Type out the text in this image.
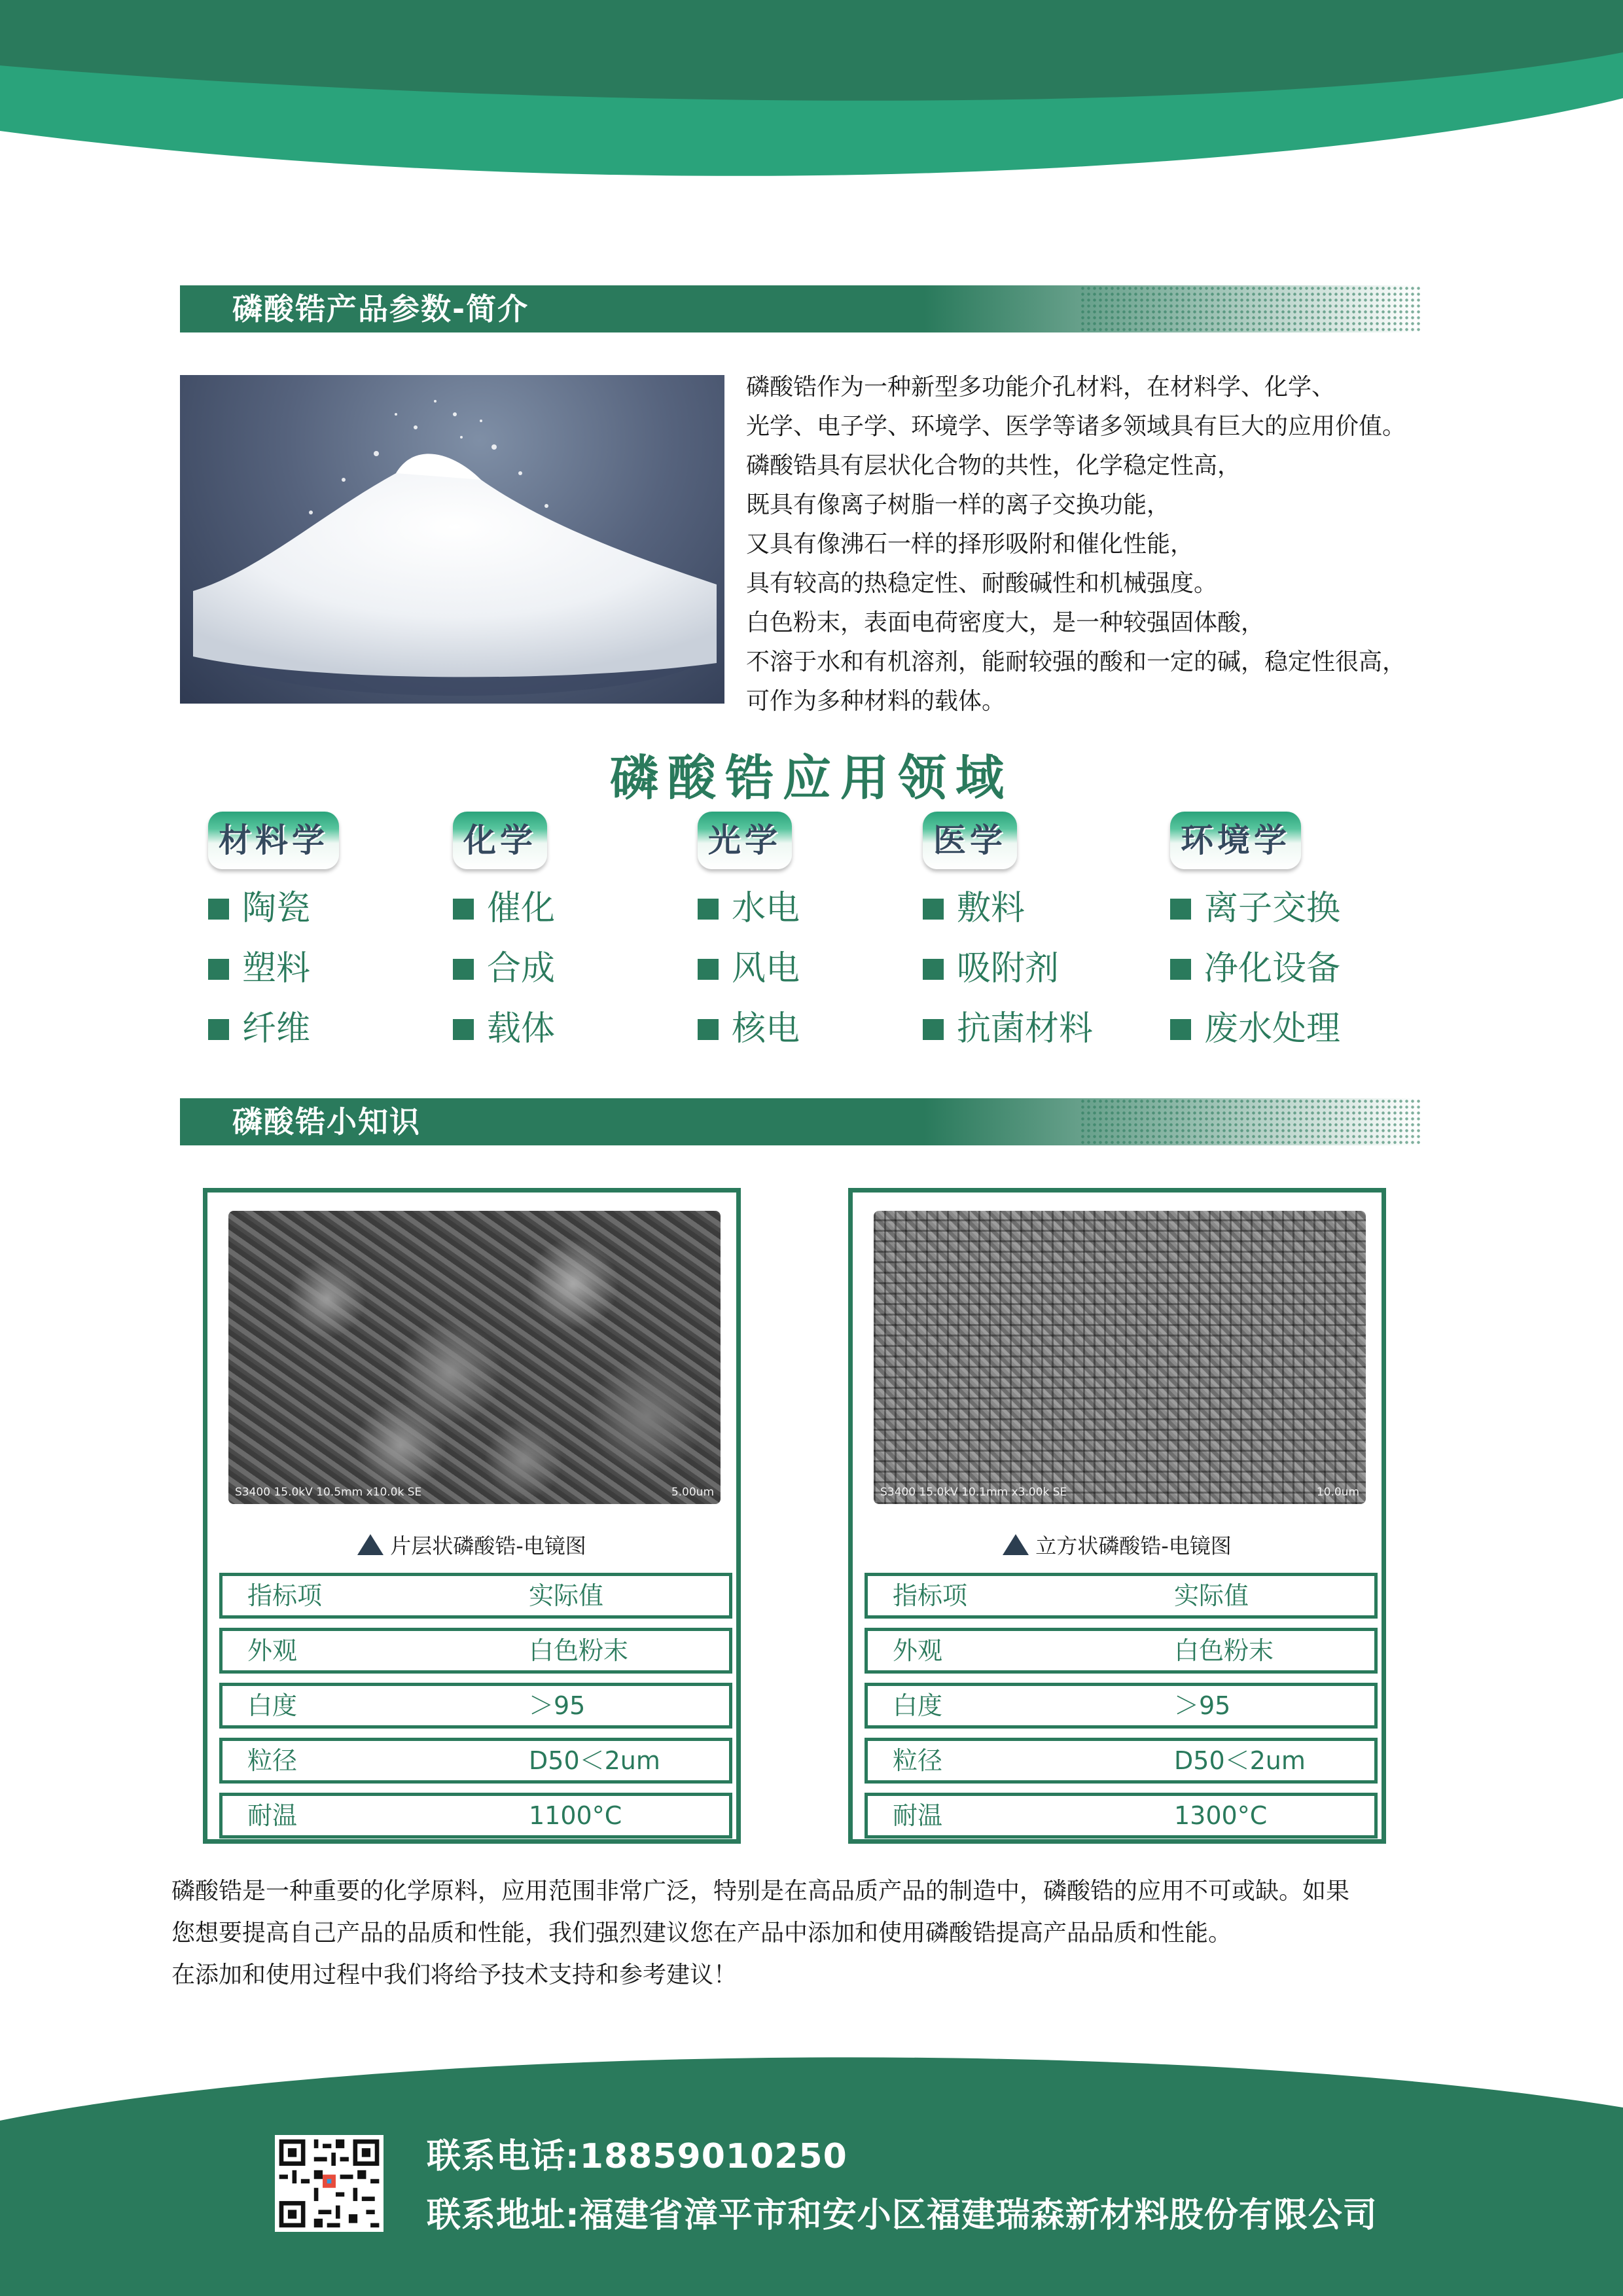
磷酸锆产品参数-简介
磷酸锆作为一种新型多功能介孔材料，在材料学、化学、
光学、电子学、环境学、医学等诸多领域具有巨大的应用价值。
磷酸锆具有层状化合物的共性，化学稳定性高，
既具有像离子树脂一样的离子交换功能，
又具有像沸石一样的择形吸附和催化性能，
具有较高的热稳定性、耐酸碱性和机械强度。
白色粉末，表面电荷密度大，是一种较强固体酸，
不溶于水和有机溶剂，能耐较强的酸和一定的碱，稳定性很高，
可作为多种材料的载体。
磷酸锆应用领域
材料学
陶瓷
塑料
纤维
化学
催化
合成
载体
光学
水电
风电
核电
医学
敷料
吸附剂
抗菌材料
环境学
离子交换
净化设备
废水处理
磷酸锆小知识
S3400 15.0kV 10.5mm x10.0k SE	5.00um
片层状磷酸锆-电镜图
指标项	实际值
外观	白色粉末
白度	＞95
粒径	D50＜2um
耐温	1100°C
S3400 15.0kV 10.1mm x3.00k SE	10.0um
立方状磷酸锆-电镜图
指标项	实际值
外观	白色粉末
白度	＞95
粒径	D50＜2um
耐温	1300°C
磷酸锆是一种重要的化学原料，应用范围非常广泛，特别是在高品质产品的制造中，磷酸锆的应用不可或缺。如果
您想要提高自己产品的品质和性能，我们强烈建议您在产品中添加和使用磷酸锆提高产品品质和性能。
在添加和使用过程中我们将给予技术支持和参考建议！
联系电话:18859010250
联系地址:福建省漳平市和安小区福建瑞森新材料股份有限公司
